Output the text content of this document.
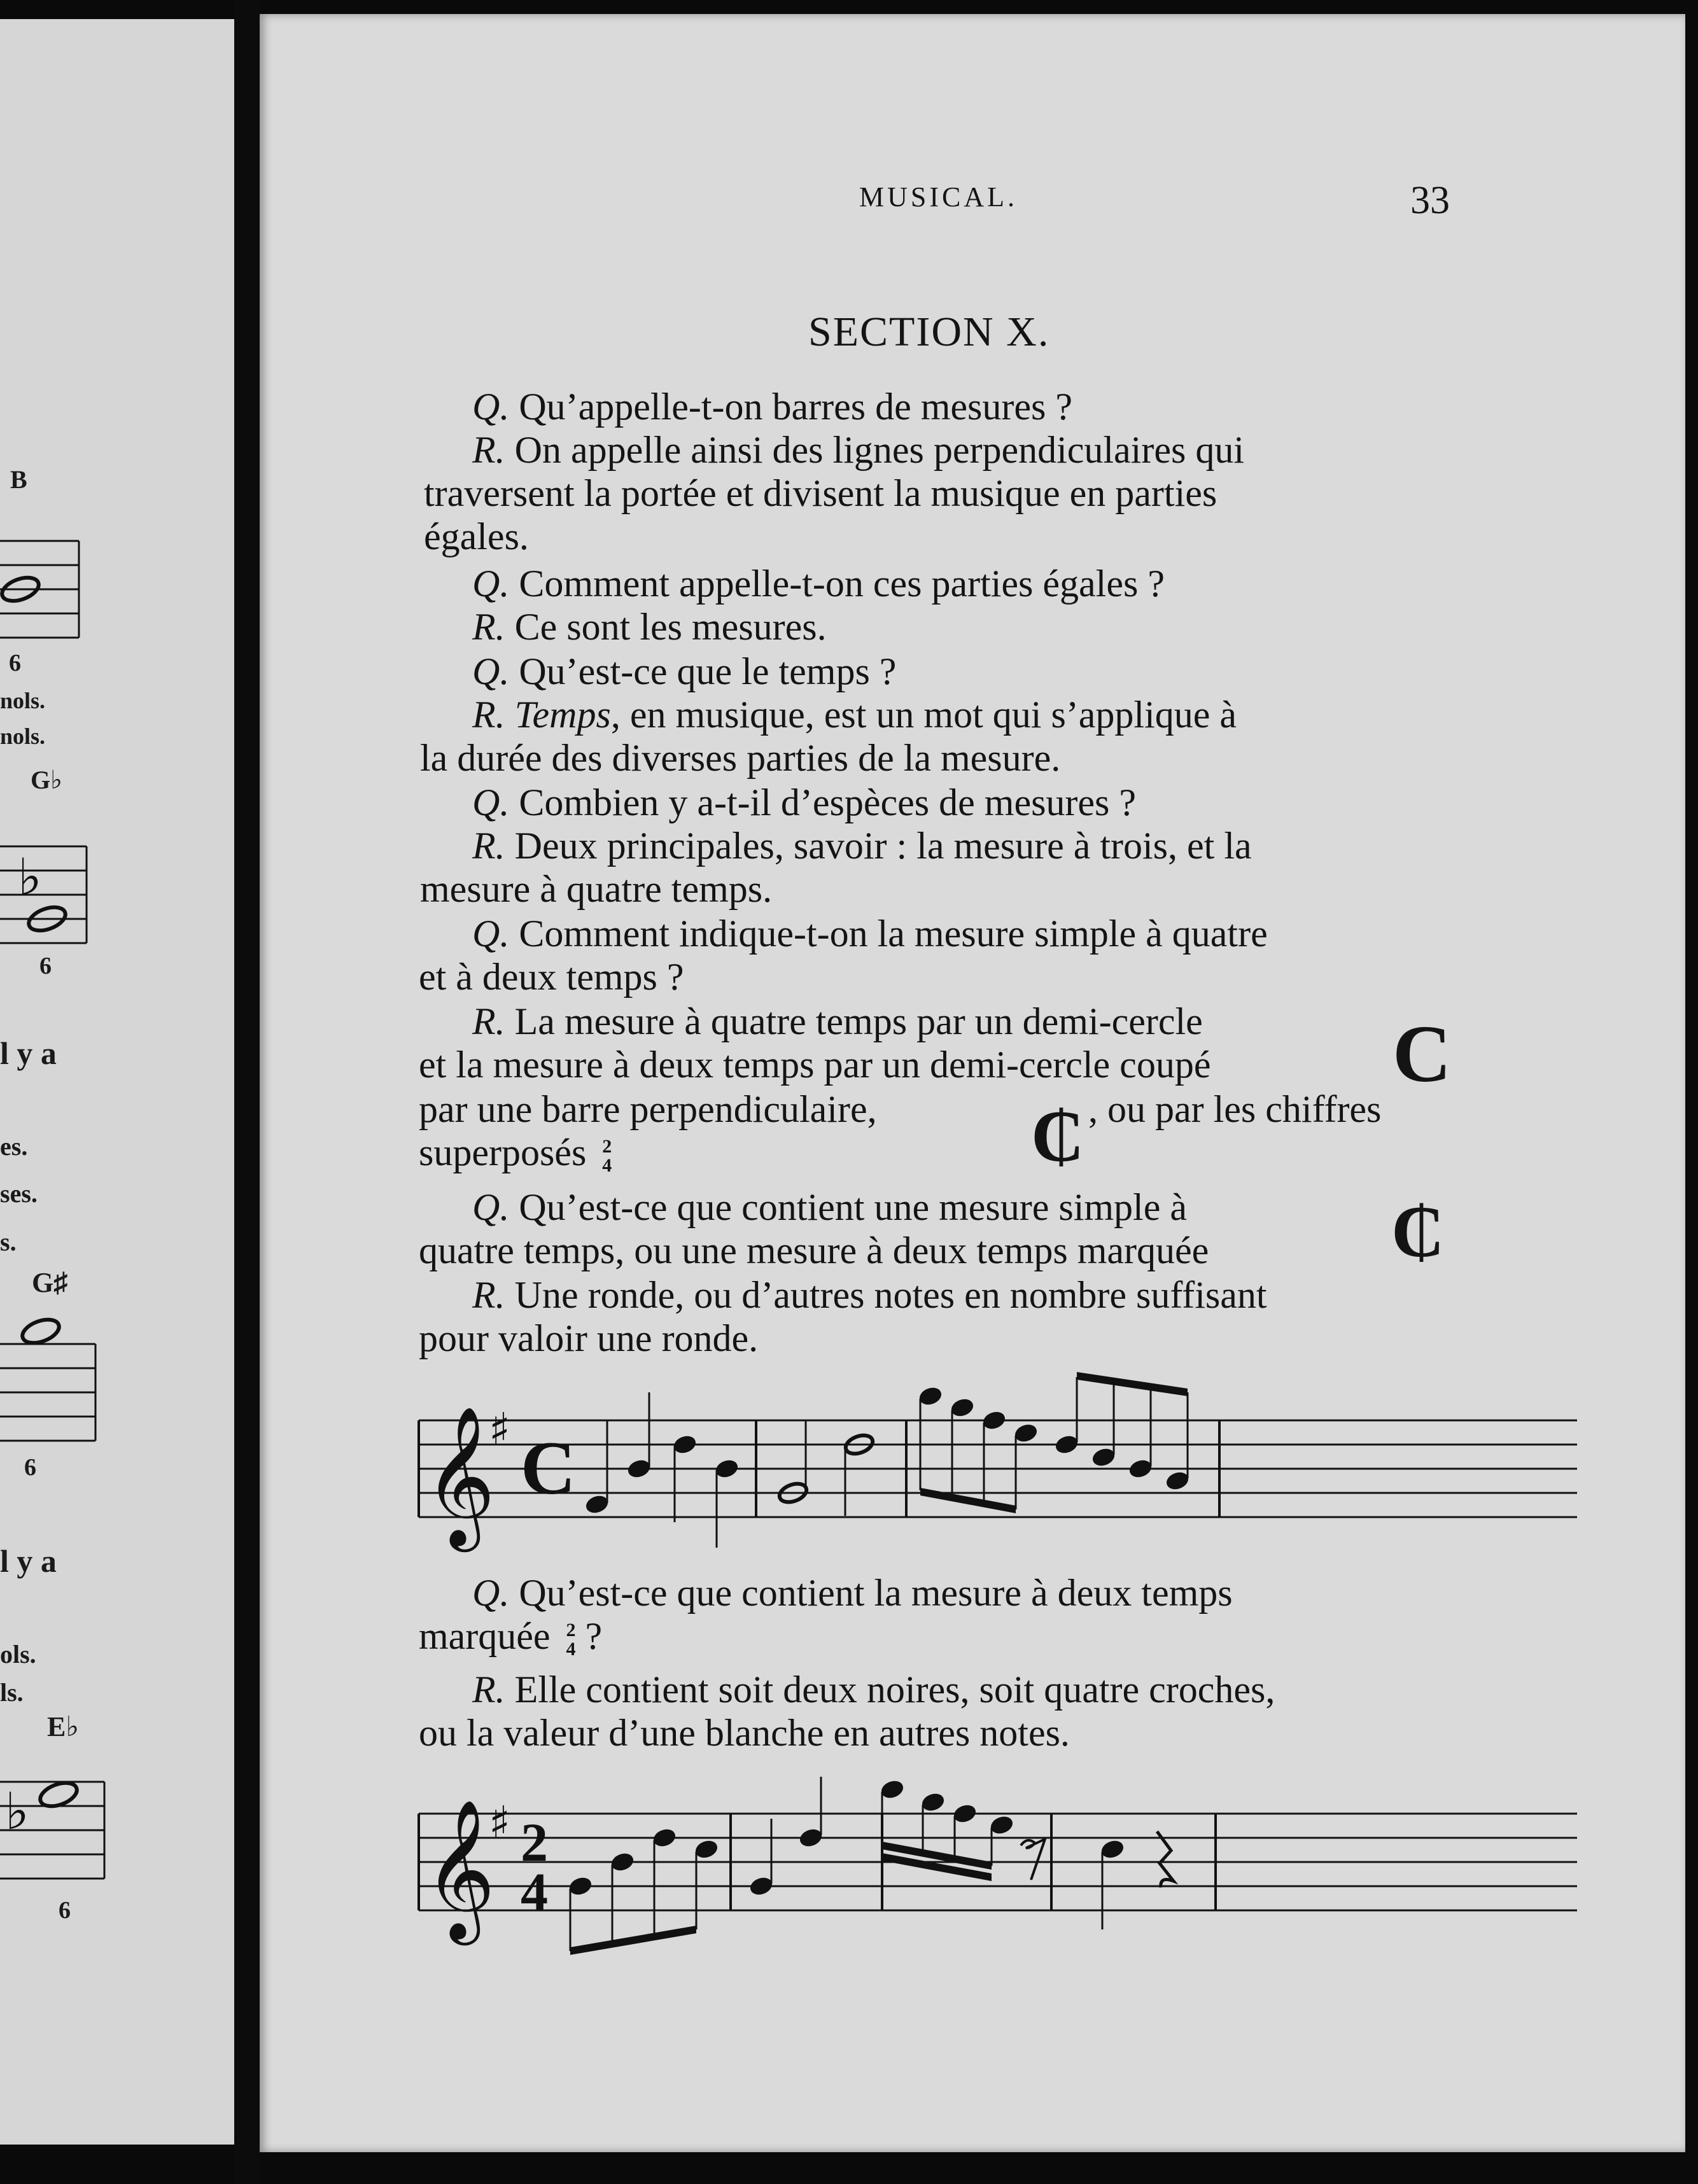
B
6
nols.
nols.
G♭
♭
6
l y a
es.
ses.
s.
G♯
6
l y a
ols.
ls.
E♭
♭
6
MUSICAL.	33
SECTION X.
Q. Qu’appelle-t-on barres de mesures ?
R. On appelle ainsi des lignes perpendiculaires qui
traversent la portée et divisent la musique en parties
égales.
Q. Comment appelle-t-on ces parties égales ?
R. Ce sont les mesures.
Q. Qu’est-ce que le temps ?
R. Temps, en musique, est un mot qui s’applique à
la durée des diverses parties de la mesure.
Q. Combien y a-t-il d’espèces de mesures ?
R. Deux principales, savoir : la mesure à trois, et la
mesure à quatre temps.
Q. Comment indique-t-on la mesure simple à quatre
et à deux temps ?
R. La mesure à quatre temps par un demi-cercle C
et la mesure à deux temps par un demi-cercle coupé
par une barre perpendiculaire, ₵ , ou par les chiffres
superposés 2
4
Q. Qu’est-ce que contient une mesure simple à	₵
quatre temps, ou une mesure à deux temps marquée
R. Une ronde, ou d’autres notes en nombre suffisant
pour valoir une ronde.
𝄞
♯ C
Q. Qu’est-ce que contient la mesure à deux temps
marquée 2
4 ?
R. Elle contient soit deux noires, soit quatre croches,
ou la valeur d’une blanche en autres notes.
𝄞
♯ 2
4
